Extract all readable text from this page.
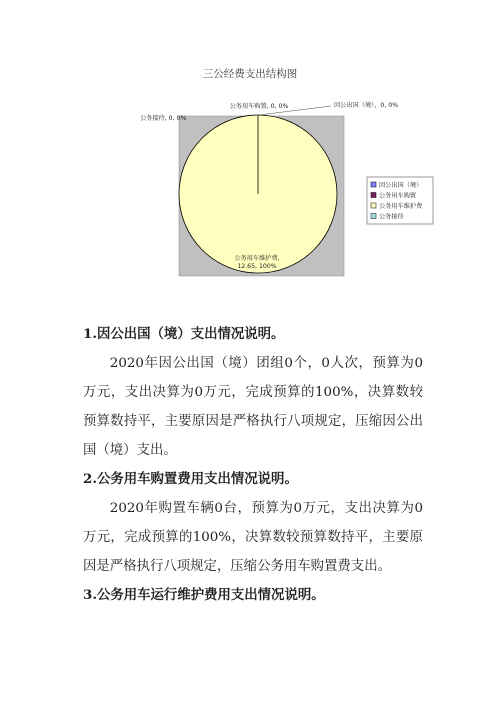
三公经费支出结构图
因公出国（境），0, 0%
公务用车购置, 0, 0%
公务接待, 0, 0%
公务用车维护费, 12.65, 100%
因公出国（境）
公务用车购置
公务用车维护费
公务接待
1.因公出国（境）支出情况说明。
2020年因公出国（境）团组0个，0人次，预算为0万元，支出决算为0万元，完成预算的100%，决算数较预算数持平，主要原因是严格执行八项规定，压缩因公出国（境）支出。
2.公务用车购置费用支出情况说明。
2020年购置车辆0台，预算为0万元，支出决算为0万元，完成预算的100%，决算数较预算数持平，主要原因是严格执行八项规定，压缩公务用车购置费支出。
3.公务用车运行维护费用支出情况说明。
